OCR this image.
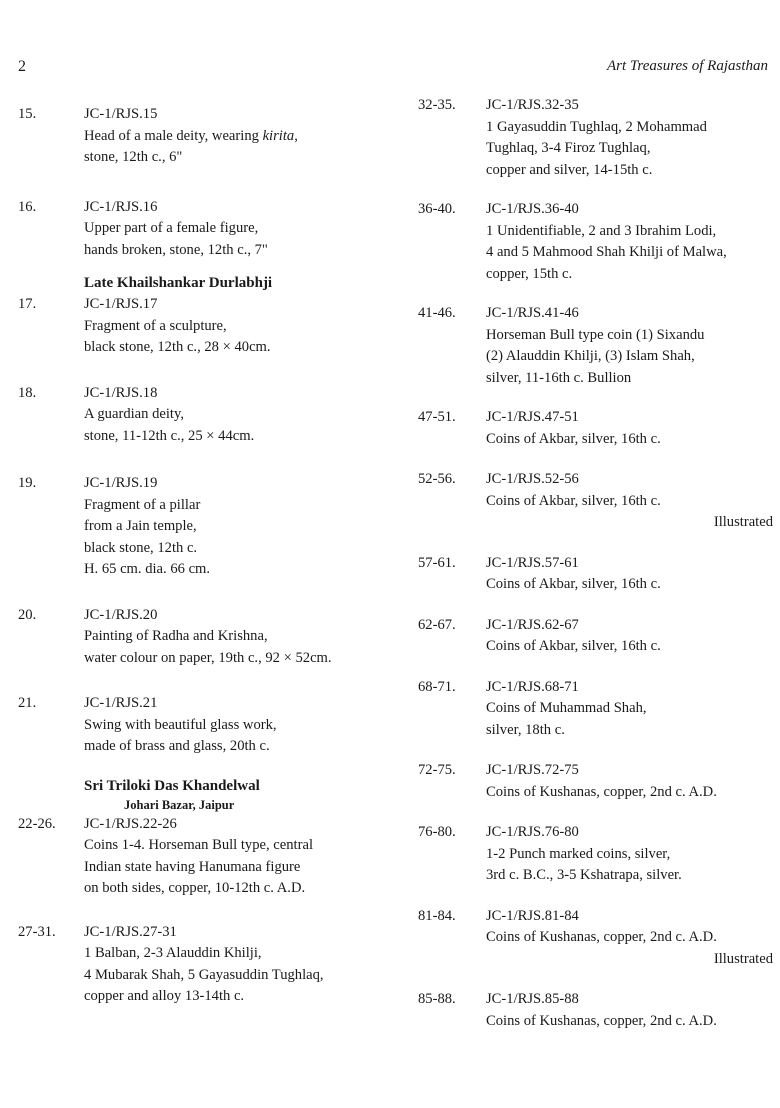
2	Art Treasures of Rajasthan
15.	JC-1/RJS.15
Head of a male deity, wearing kirita,
stone, 12th c., 6"
16.	JC-1/RJS.16
Upper part of a female figure,
hands broken, stone, 12th c., 7"
Late Khailshankar Durlabhji
17.	JC-1/RJS.17
Fragment of a sculpture,
black stone, 12th c., 28 × 40cm.
18.	JC-1/RJS.18
A guardian deity,
stone, 11-12th c., 25 × 44cm.
19.	JC-1/RJS.19
Fragment of a pillar
from a Jain temple,
black stone, 12th c.
H. 65 cm. dia. 66 cm.
20.	JC-1/RJS.20
Painting of Radha and Krishna,
water colour on paper, 19th c., 92 × 52cm.
21.	JC-1/RJS.21
Swing with beautiful glass work,
made of brass and glass, 20th c.
Sri Triloki Das Khandelwal
Johari Bazar, Jaipur
22-26. JC-1/RJS.22-26
Coins 1-4. Horseman Bull type, central
Indian state having Hanumana figure
on both sides, copper, 10-12th c. A.D.
27-31. JC-1/RJS.27-31
1 Balban, 2-3 Alauddin Khilji,
4 Mubarak Shah, 5 Gayasuddin Tughlaq,
copper and alloy 13-14th c.
32-35. JC-1/RJS.32-35
1 Gayasuddin Tughlaq, 2 Mohammad
Tughlaq, 3-4 Firoz Tughlaq,
copper and silver, 14-15th c.
36-40. JC-1/RJS.36-40
1 Unidentifiable, 2 and 3 Ibrahim Lodi,
4 and 5 Mahmood Shah Khilji of Malwa,
copper, 15th c.
41-46. JC-1/RJS.41-46
Horseman Bull type coin (1) Sixandu
(2) Alauddin Khilji, (3) Islam Shah,
silver, 11-16th c. Bullion
47-51. JC-1/RJS.47-51
Coins of Akbar, silver, 16th c.
52-56. JC-1/RJS.52-56
Coins of Akbar, silver, 16th c.
Illustrated
57-61. JC-1/RJS.57-61
Coins of Akbar, silver, 16th c.
62-67. JC-1/RJS.62-67
Coins of Akbar, silver, 16th c.
68-71. JC-1/RJS.68-71
Coins of Muhammad Shah,
silver, 18th c.
72-75. JC-1/RJS.72-75
Coins of Kushanas, copper, 2nd c. A.D.
76-80. JC-1/RJS.76-80
1-2 Punch marked coins, silver,
3rd c. B.C., 3-5 Kshatrapa, silver.
81-84. JC-1/RJS.81-84
Coins of Kushanas, copper, 2nd c. A.D.
Illustrated
85-88. JC-1/RJS.85-88
Coins of Kushanas, copper, 2nd c. A.D.
